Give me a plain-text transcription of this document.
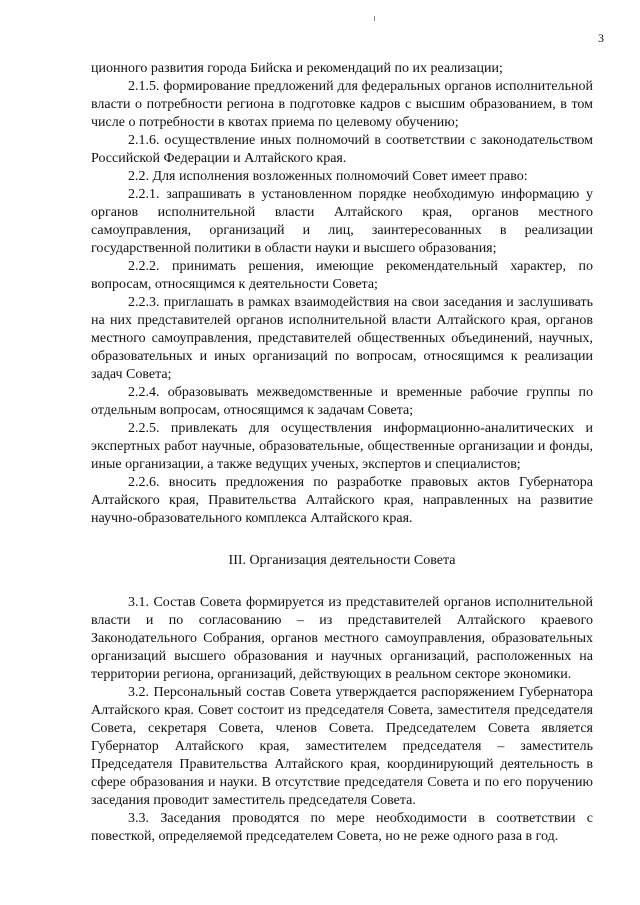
3

ционного развития города Бийска и рекомендаций по их реализации;

2.1.5. формирование предложений для федеральных органов исполнительной власти о потребности региона в подготовке кадров с высшим образованием, в том числе о потребности в квотах приема по целевому обучению;

2.1.6. осуществление иных полномочий в соответствии с законодательством Российской Федерации и Алтайского края.

2.2. Для исполнения возложенных полномочий Совет имеет право:

2.2.1. запрашивать в установленном порядке необходимую информацию у органов исполнительной власти Алтайского края, органов местного самоуправления, организаций и лиц, заинтересованных в реализации государственной политики в области науки и высшего образования;

2.2.2. принимать решения, имеющие рекомендательный характер, по вопросам, относящимся к деятельности Совета;

2.2.3. приглашать в рамках взаимодействия на свои заседания и заслушивать на них представителей органов исполнительной власти Алтайского края, органов местного самоуправления, представителей общественных объединений, научных, образовательных и иных организаций по вопросам, относящимся к реализации задач Совета;

2.2.4. образовывать межведомственные и временные рабочие группы по отдельным вопросам, относящимся к задачам Совета;

2.2.5. привлекать для осуществления информационно-аналитических и экспертных работ научные, образовательные, общественные организации и фонды, иные организации, а также ведущих ученых, экспертов и специалистов;

2.2.6. вносить предложения по разработке правовых актов Губернатора Алтайского края, Правительства Алтайского края, направленных на развитие научно-образовательного комплекса Алтайского края.

III. Организация деятельности Совета

3.1. Состав Совета формируется из представителей органов исполнительной власти и по согласованию – из представителей Алтайского краевого Законодательного Собрания, органов местного самоуправления, образовательных организаций высшего образования и научных организаций, расположенных на территории региона, организаций, действующих в реальном секторе экономики.

3.2. Персональный состав Совета утверждается распоряжением Губернатора Алтайского края. Совет состоит из председателя Совета, заместителя председателя Совета, секретаря Совета, членов Совета. Председателем Совета является Губернатор Алтайского края, заместителем председателя – заместитель Председателя Правительства Алтайского края, координирующий деятельность в сфере образования и науки. В отсутствие председателя Совета и по его поручению заседания проводит заместитель председателя Совета.

3.3. Заседания проводятся по мере необходимости в соответствии с повесткой, определяемой председателем Совета, но не реже одного раза в год.
